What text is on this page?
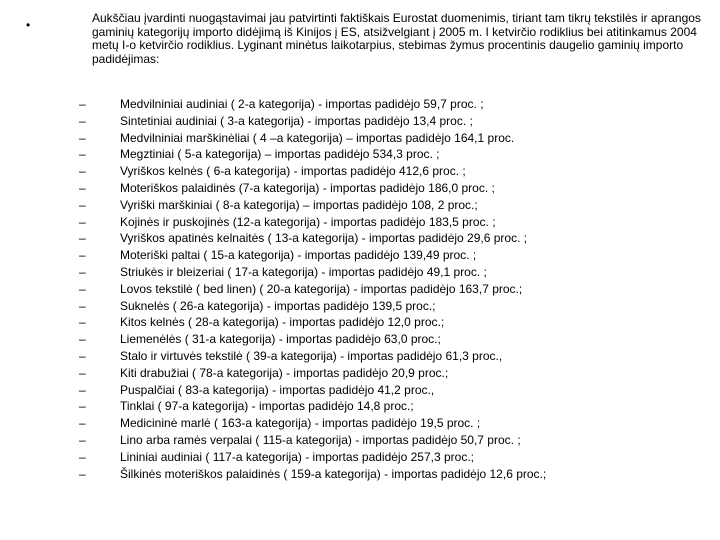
•	Aukščiau įvardinti nuogąstavimai jau patvirtinti faktiškais Eurostat duomenimis, tiriant tam tikrų tekstilės ir aprangos gaminių kategorijų importo didėjimą iš Kinijos į ES, atsižvelgiant į 2005 m. I ketvirčio rodiklius bei atitinkamus 2004 metų I-o ketvirčio rodiklius. Lyginant minėtus laikotarpius, stebimas žymus procentinis daugelio gaminių importo padidėjimas:
–	Medvilniniai audiniai ( 2-a kategorija) - importas padidėjo 59,7 proc. ;
–	Sintetiniai audiniai ( 3-a kategorija) - importas padidėjo 13,4 proc. ;
–	Medvilniniai marškinėliai ( 4 –a kategorija) – importas padidėjo 164,1 proc.
–	Megztiniai ( 5-a kategorija) – importas padidėjo 534,3 proc. ;
–	Vyriškos kelnės ( 6-a kategorija) - importas padidėjo 412,6 proc. ;
–	Moteriškos palaidinės (7-a kategorija) - importas padidėjo 186,0 proc. ;
–	Vyriški marškiniai ( 8-a kategorija) – importas padidėjo 108, 2 proc.;
–	Kojinės ir puskojinės (12-a kategorija) - importas padidėjo 183,5 proc. ;
–	Vyriškos apatinės kelnaitės ( 13-a kategorija) - importas padidėjo 29,6 proc. ;
–	Moteriški paltai ( 15-a kategorija) - importas padidėjo 139,49 proc. ;
–	Striukės ir bleizeriai ( 17-a kategorija) - importas padidėjo 49,1 proc. ;
–	Lovos tekstilė ( bed linen) ( 20-a kategorija) - importas padidėjo 163,7 proc.;
–	Suknelės ( 26-a kategorija) - importas padidėjo 139,5 proc.;
–	Kitos kelnės ( 28-a kategorija) - importas padidėjo 12,0 proc.;
–	Liemenėlės ( 31-a kategorija) - importas padidėjo 63,0 proc.;
–	Stalo ir virtuvės tekstilė ( 39-a kategorija) - importas padidėjo 61,3 proc.,
–	Kiti drabužiai ( 78-a kategorija) - importas padidėjo 20,9 proc.;
–	Puspalčiai ( 83-a kategorija) - importas padidėjo 41,2 proc.,
–	Tinklai ( 97-a kategorija) - importas padidėjo 14,8 proc.;
–	Medicininė marlė ( 163-a kategorija) - importas padidėjo 19,5 proc. ;
–	Lino arba ramės verpalai ( 115-a kategorija) - importas padidėjo 50,7 proc. ;
–	Lininiai audiniai ( 117-a kategorija) - importas padidėjo 257,3 proc.;
–	Šilkinės moteriškos palaidinės ( 159-a kategorija) - importas padidėjo 12,6 proc.;
